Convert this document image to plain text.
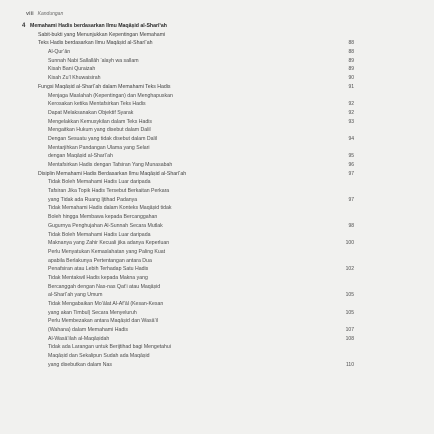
viii Kandungan
4 Memahami Hadis berdasarkan Ilmu Maqāṣid al-Sharī‘ah
Sabit-bukti yang Menunjukkan Kepentingan Memahami
Teks Hadis berdasarkan Ilmu Maqāṣid al-Sharī‘ah	88
Al-Qur’ān	88
Sunnah Nabi Sallallāh ‘alayh wa sallam	89
Kisah Bani Quraizah	89
Kisah Zu’l Khuwaisirah	90
Fungsi Maqāṣid al-Sharī‘ah dalam Memahami Teks Hadis	91
Menjaga Maslahah (Kepentingan) dan Menghapuskan
Kerosakan ketika Mentafsirkan Teks Hadis	92
Dapat Melaksanakan Objektif Syarak	92
Mengelakkan Kemusykilan dalam Teks Hadis	93
Mengaitkan Hukum yang disebut dalam Dalil
Dengan Sesuatu yang tidak disebut dalam Dalil	94
Mentarjihkan Pandangan Ulama yang Selari
dengan Maqāṣid al-Sharī‘ah	95
Mentafsirkan Hadis dengan Tafsiran Yang Munasabah	96
Disiplin Memahami Hadis Berdasarkan Ilmu Maqāṣid al-Sharī‘ah	97
Tidak Boleh Memahami Hadis Luar daripada
Tafsiran Jika Topik Hadis Tersebut Berkaitan Perkara
yang Tidak ada Ruang Ijtihad Padanya	97
Tidak Memahami Hadis dalam Konteks Maqāṣid tidak
Boleh hingga Membawa kepada Bercanggahan
Gugurnya Penghujahan Al-Sunnah Secara Mutlak	98
Tidak Boleh Memahami Hadis Luar daripada
Maknanya yang Zahir Kecuali jika adanya Keperluan	100
Perlu Menyatukan Kemaslahatan yang Paling Kuat
apabila Berlakunya Pertentangan antara Dua
Penafsiran atau Lebih Terhadap Satu Hadis	102
Tidak Mentakwil Hadis kepada Makna yang
Bercanggah dengan Nas-nas Qat’i atau Maqāṣid
al-Sharī‘ah yang Umum	105
Tidak Mengabaikan Mo’ālat Al-Af’āl (Kesan-Kesan
yang akan Timbul) Secara Menyeluruh	105
Perlu Membezakan antara Maqāṣid dan Wasā’il
(Wahana) dalam Memahami Hadis	107
Al-Wasā’ilah al-Maqāṣidah	108
Tidak ada Larangan untuk Berijtihad bagi Mengetahui
Maqāṣid dan Sekalipun Sudah ada Maqāṣid
yang disebutkan dalam Nas	110
